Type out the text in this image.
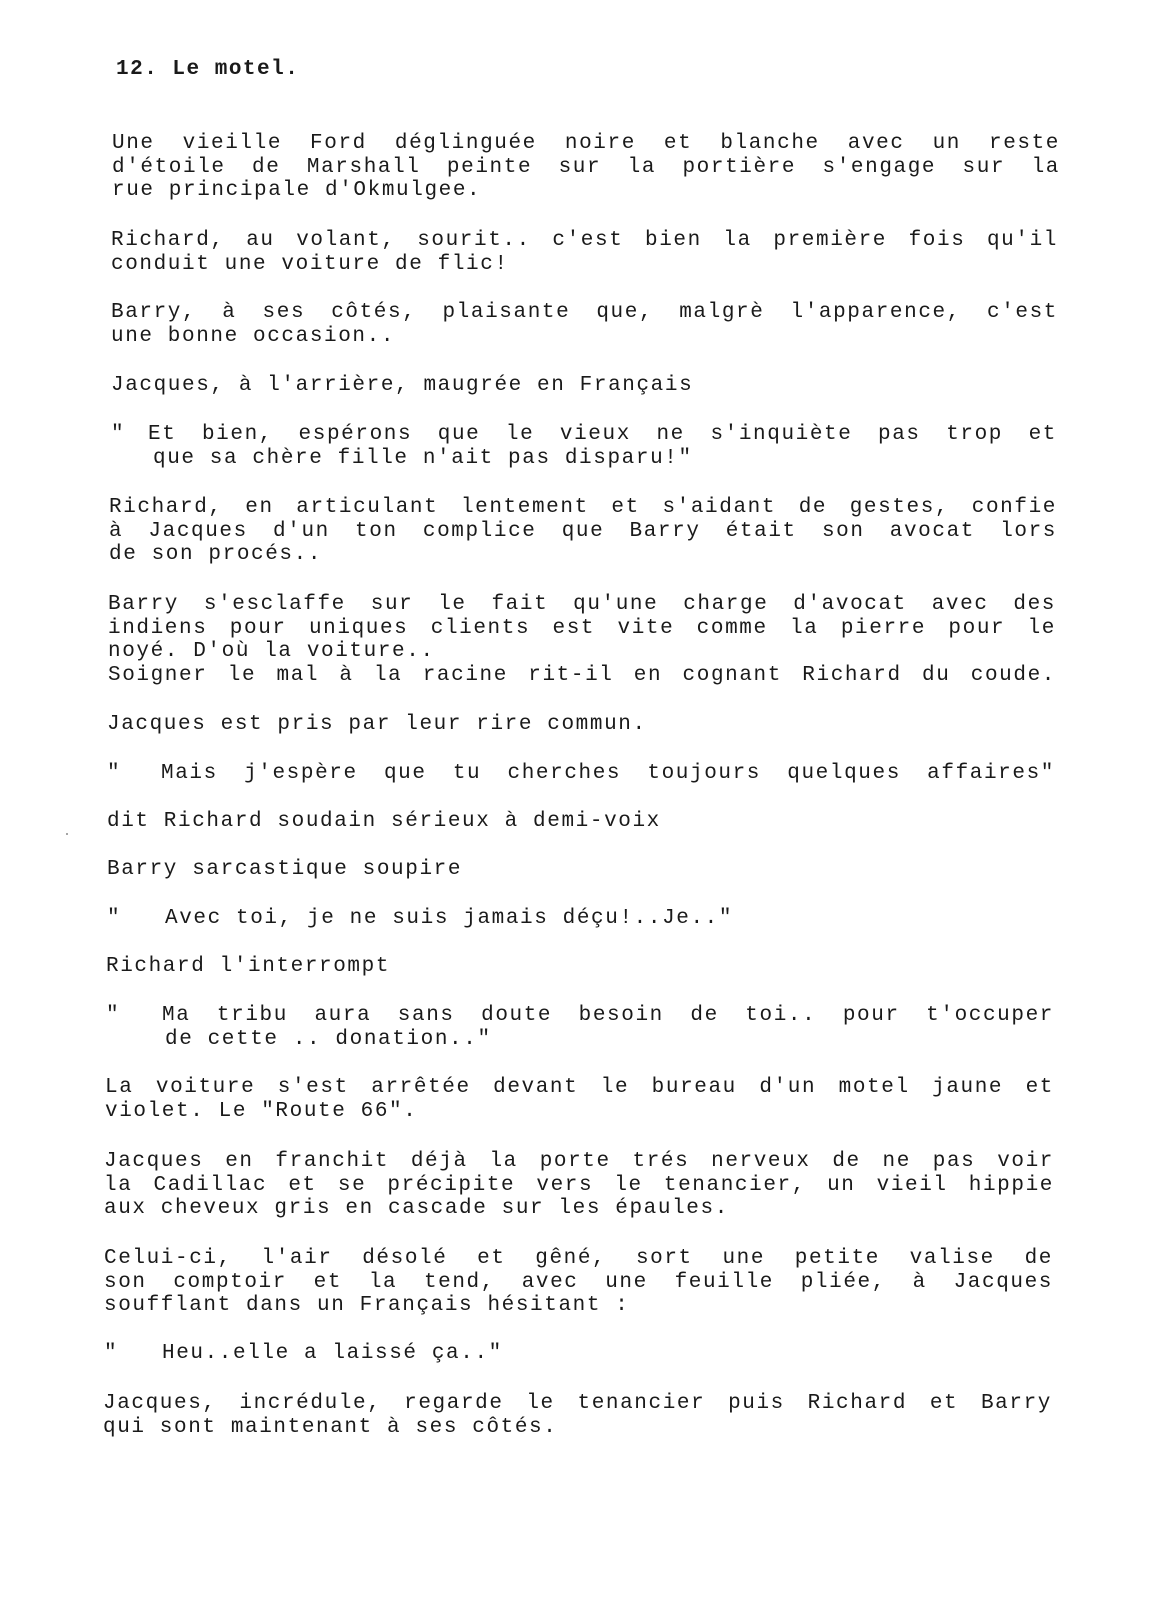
12. Le motel.
Une vieille Ford déglinguée noire et blanche avec un reste
d'étoile de Marshall peinte sur la portière s'engage sur la
rue principale d'Okmulgee.
Richard, au volant, sourit.. c'est bien la première fois qu'il
conduit une voiture de flic!
Barry, à ses côtés, plaisante que, malgrè l'apparence, c'est
une bonne occasion..
Jacques, à l'arrière, maugrée en Français
" Et bien, espérons que le vieux ne s'inquiète pas trop et
que sa chère fille n'ait pas disparu!"
Richard, en articulant lentement et s'aidant de gestes, confie
à Jacques d'un ton complice que Barry était son avocat lors
de son procés..
Barry s'esclaffe sur le fait qu'une charge d'avocat avec des
indiens pour uniques clients est vite comme la pierre pour le
noyé. D'où la voiture..
Soigner le mal à la racine rit-il en cognant Richard du coude.
Jacques est pris par leur rire commun.
" Mais j'espère que tu cherches toujours quelques affaires"
dit Richard soudain sérieux à demi-voix
Barry sarcastique soupire
" Avec toi, je ne suis jamais déçu!..Je.."
Richard l'interrompt
" Ma tribu aura sans doute besoin de toi.. pour t'occuper
de cette .. donation.."
La voiture s'est arrêtée devant le bureau d'un motel jaune et
violet. Le "Route 66".
Jacques en franchit déjà la porte trés nerveux de ne pas voir
la Cadillac et se précipite vers le tenancier, un vieil hippie
aux cheveux gris en cascade sur les épaules.
Celui-ci, l'air désolé et gêné, sort une petite valise de
son comptoir et la tend, avec une feuille pliée, à Jacques
soufflant dans un Français hésitant :
" Heu..elle a laissé ça.."
Jacques, incrédule, regarde le tenancier puis Richard et Barry
qui sont maintenant à ses côtés.
